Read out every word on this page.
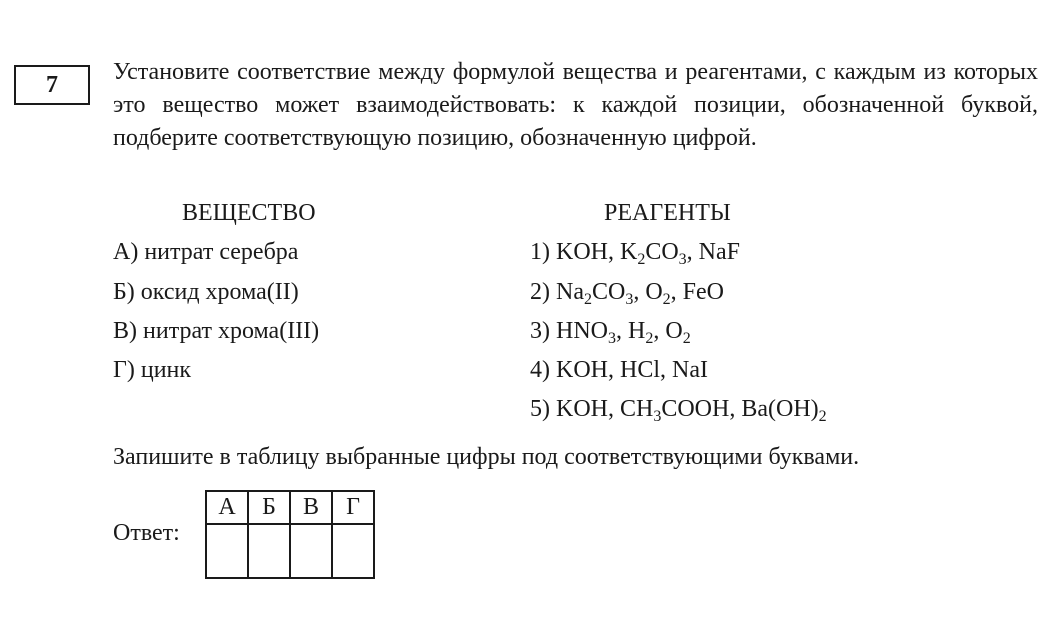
7 Установите соответствие между формулой вещества и реагентами, с каждым из которых это вещество может взаимодействовать: к каждой позиции, обозначенной буквой, подберите соответствующую позицию, обозначенную цифрой.

ВЕЩЕСТВО	РЕАГЕНТЫ
А) нитрат серебра
Б) оксид хрома(II)
В) нитрат хрома(III)
Г) цинк
1) KOH, $K_2CO_3$, NaF
2) $Na_2CO_3$, $O_2$, FeO
3) $HNO_3$, $H_2$, $O_2$
4) KOH, HCl, NaI
5) KOH, $CH_3COOH$, $Ba(OH)_2$
Запишите в таблицу выбранные цифры под соответствующими буквами.
Ответ:
А	Б	В	Г
